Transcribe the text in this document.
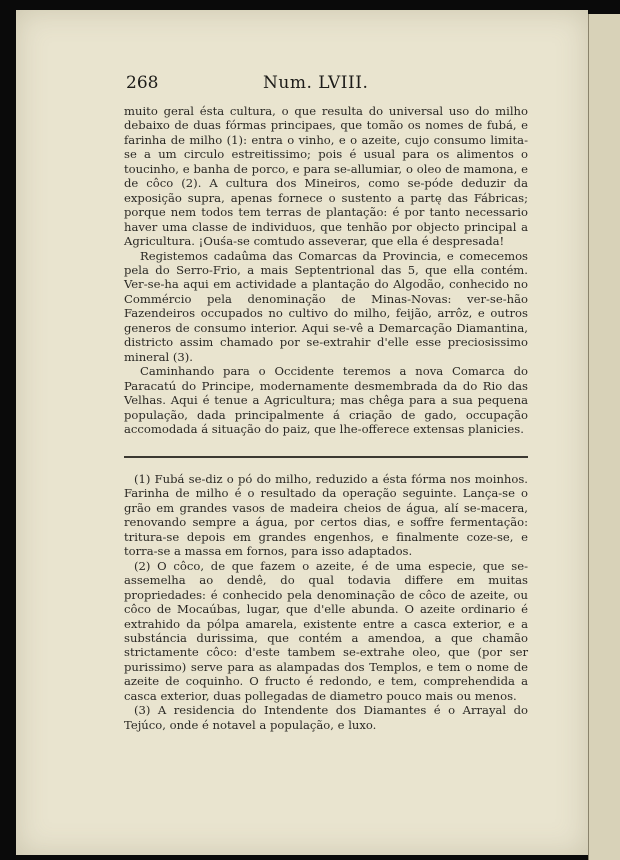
268	Num. LVIII.

muito geral ésta cultura, o que resulta do universal uso do milho debaixo de duas fórmas principaes, que tomão os nomes de fubá, e farinha de milho (1): entra o vinho, e o azeite, cujo consumo limita-se a um circulo estreitissimo; pois é usual para os alimentos o toucinho, e banha de porco, e para se-allumiar, o oleo de mamona, e de côco (2). A cultura dos Mineiros, como se-póde deduzir da exposição supra, apenas fornece o sustento a partę das Fábricas; porque nem todos tem terras de plantação: é por tanto necessario haver uma classe de individuos, que tenhão por objecto principal a Agricultura. ¡Ouśa-se comtudo asseverar, que ella é despresada!

Registemos cadaûma das Comarcas da Provincia, e comecemos pela do Serro-Frio, a mais Septentrional das 5, que ella contém. Ver-se-ha aqui em actividade a plantação do Algodão, conhecido no Commércio pela denominação de Minas-Novas: ver-se-hão Fazendeiros occupados no cultivo do milho, feijão, arrôz, e outros generos de consumo interior. Aqui se-vê a Demarcação Diamantina, districto assim chamado por se-extrahir d'elle esse preciosissimo mineral (3).

Caminhando para o Occidente teremos a nova Comarca do Paracatú do Principe, modernamente desmembrada da do Rio das Velhas. Aqui é tenue a Agricultura; mas chêga para a sua pequena população, dada principalmente á criação de gado, occupação accomodada á situação do paiz, que lhe-offerece extensas planicies.

(1) Fubá se-diz o pó do milho, reduzido a ésta fórma nos moinhos. Farinha de milho é o resultado da operação seguinte. Lança-se o grão em grandes vasos de madeira cheios de água, alí se-macera, renovando sempre a água, por certos dias, e soffre fermentação: tritura-se depois em grandes engenhos, e finalmente coze-se, e torra-se a massa em fornos, para isso adaptados.

(2) O côco, de que fazem o azeite, é de uma especie, que se-assemelha ao dendê, do qual todavia differe em muitas propriedades: é conhecido pela denominação de côco de azeite, ou côco de Mocaúbas, lugar, que d'elle abunda. O azeite ordinario é extrahido da pólpa amarela, existente entre a casca exterior, e a substáncia durissima, que contém a amendoa, a que chamão strictamente côco: d'este tambem se-extrahe oleo, que (por ser purissimo) serve para as alampadas dos Templos, e tem o nome de azeite de coquinho. O fructo é redondo, e tem, comprehendida a casca exterior, duas pollegadas de diametro pouco mais ou menos.

(3) A residencia do Intendente dos Diamantes é o Arrayal do Tejúco, onde é notavel a população, e luxo.
